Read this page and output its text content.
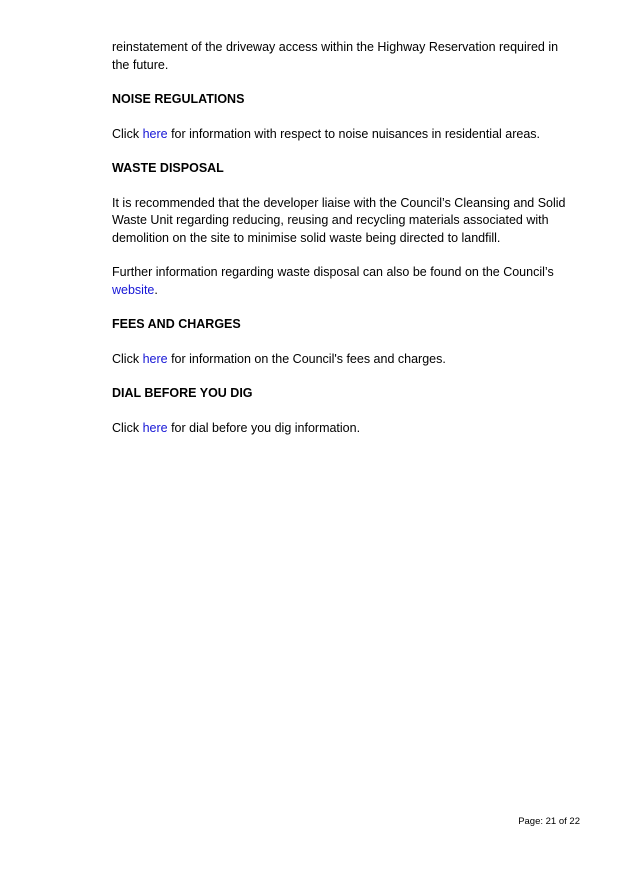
reinstatement of the driveway access within the Highway Reservation required in the future.

NOISE REGULATIONS

Click here for information with respect to noise nuisances in residential areas.

WASTE DISPOSAL

It is recommended that the developer liaise with the Council’s Cleansing and Solid Waste Unit regarding reducing, reusing and recycling materials associated with demolition on the site to minimise solid waste being directed to landfill.

Further information regarding waste disposal can also be found on the Council’s website.

FEES AND CHARGES

Click here for information on the Council's fees and charges.

DIAL BEFORE YOU DIG

Click here for dial before you dig information.

Page: 21 of 22
